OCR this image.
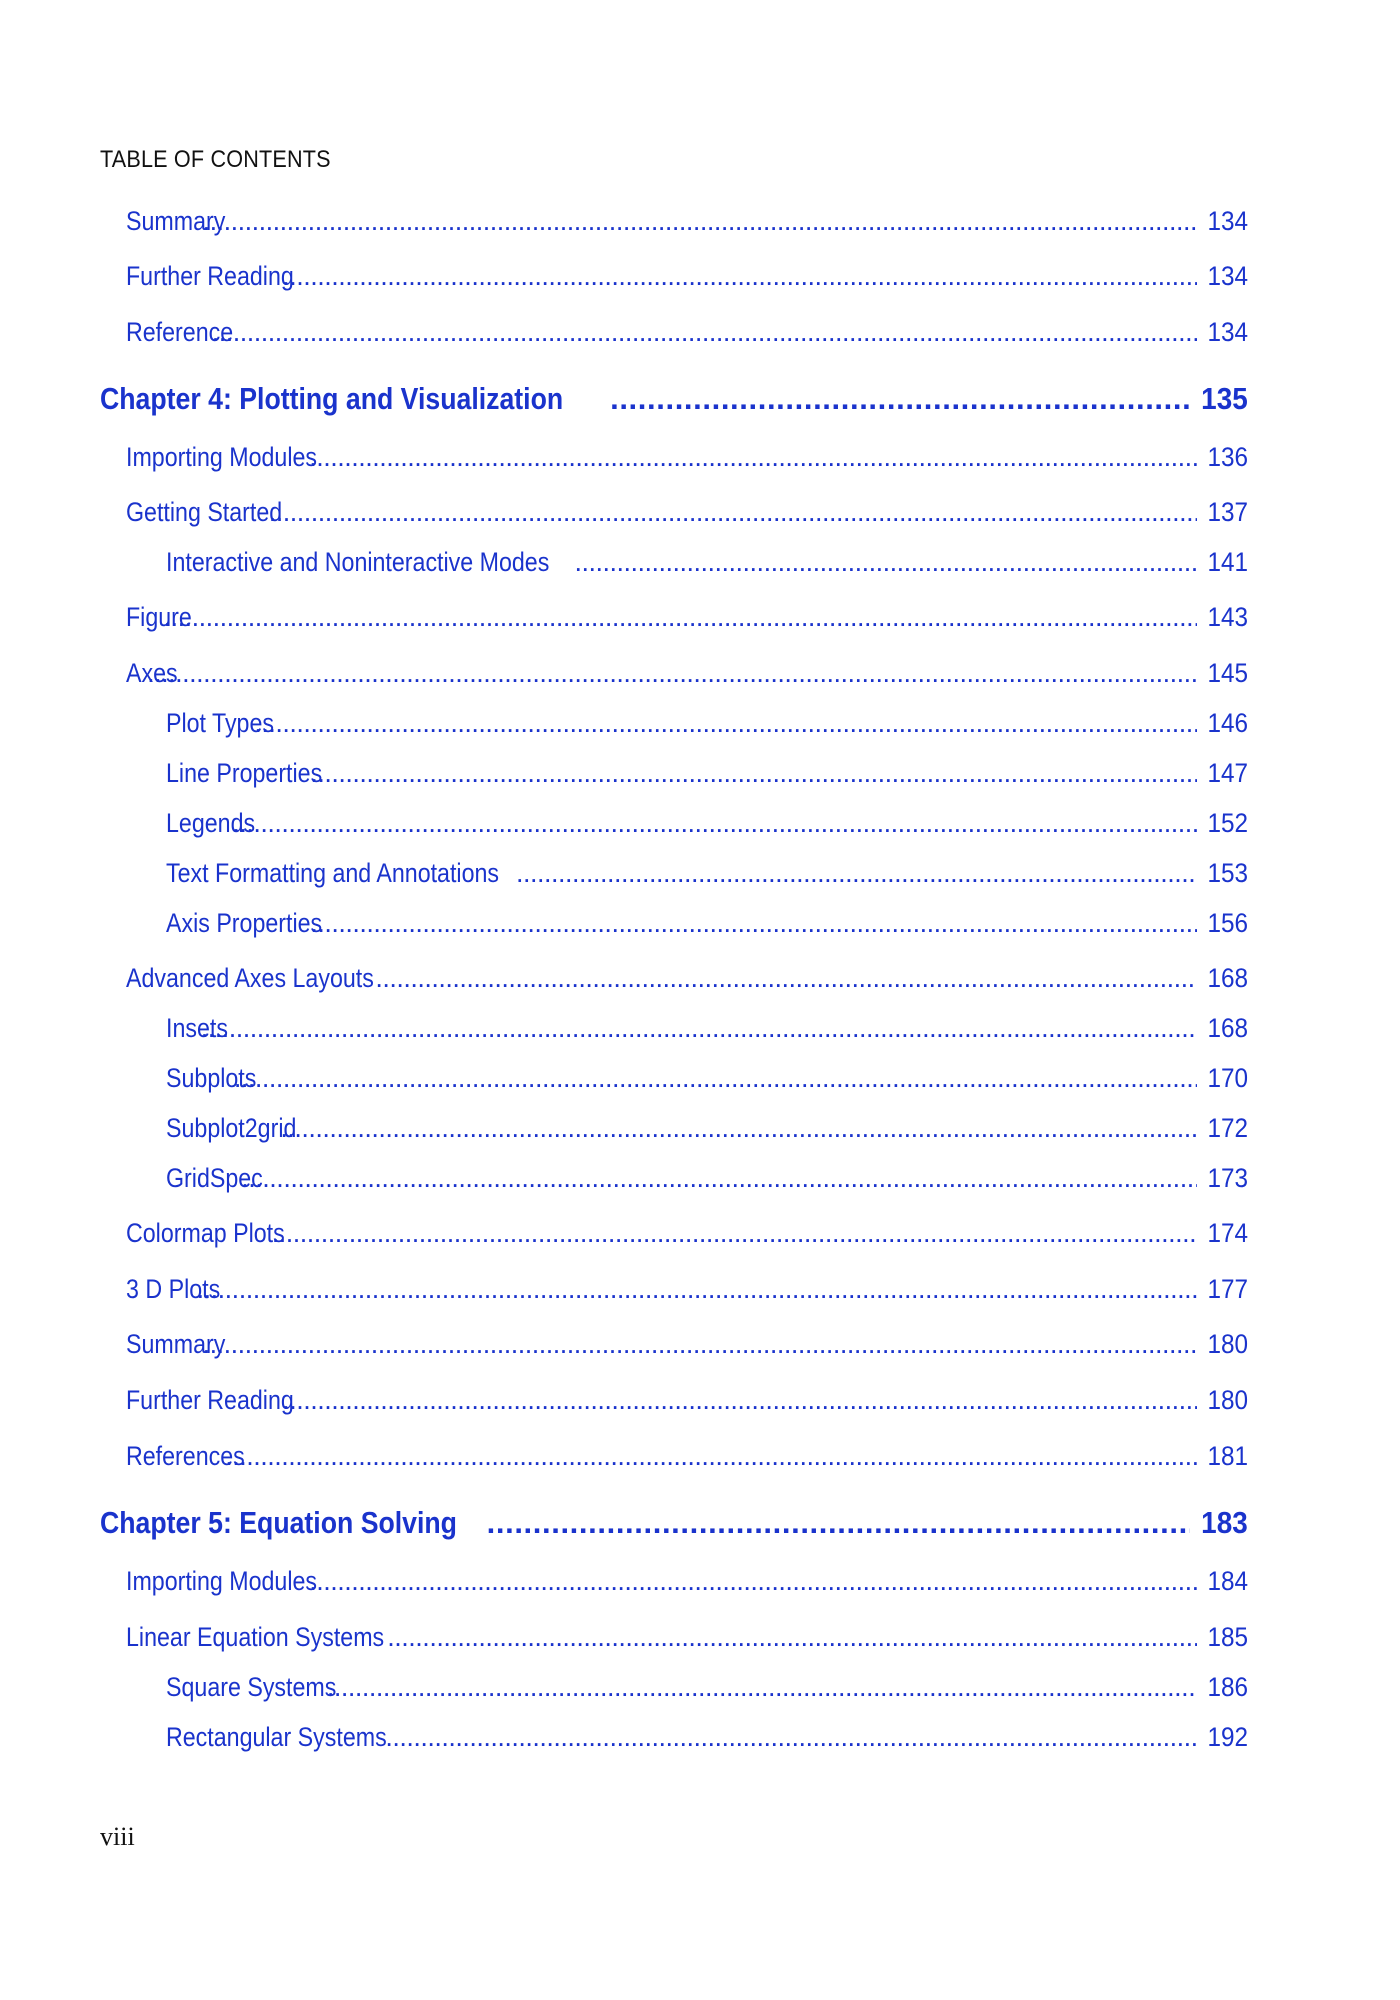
TABLE OF CONTENTS
Summary . . .	134
Further Reading . . .	134
Reference . . .	134
Chapter 4: Plotting and Visualization . . .	135
Importing Modules . . .	136
Getting Started . . .	137
Interactive and Noninteractive Modes . . .	141
Figure . . .	143
Axes . . .	145
Plot Types . . .	146
Line Properties . . .	147
Legends . . .	152
Text Formatting and Annotations . . .	153
Axis Properties . . .	156
Advanced Axes Layouts . . .	168
Insets . . .	168
Subplots . . .	170
Subplot2grid . . .	172
GridSpec . . .	173
Colormap Plots . . .	174
3 D Plots . . .	177
Summary . . .	180
Further Reading . . .	180
References . . .	181
Chapter 5: Equation Solving . . .	183
Importing Modules . . .	184
Linear Equation Systems . . .	185
Square Systems . . .	186
Rectangular Systems . . .	192
viii
